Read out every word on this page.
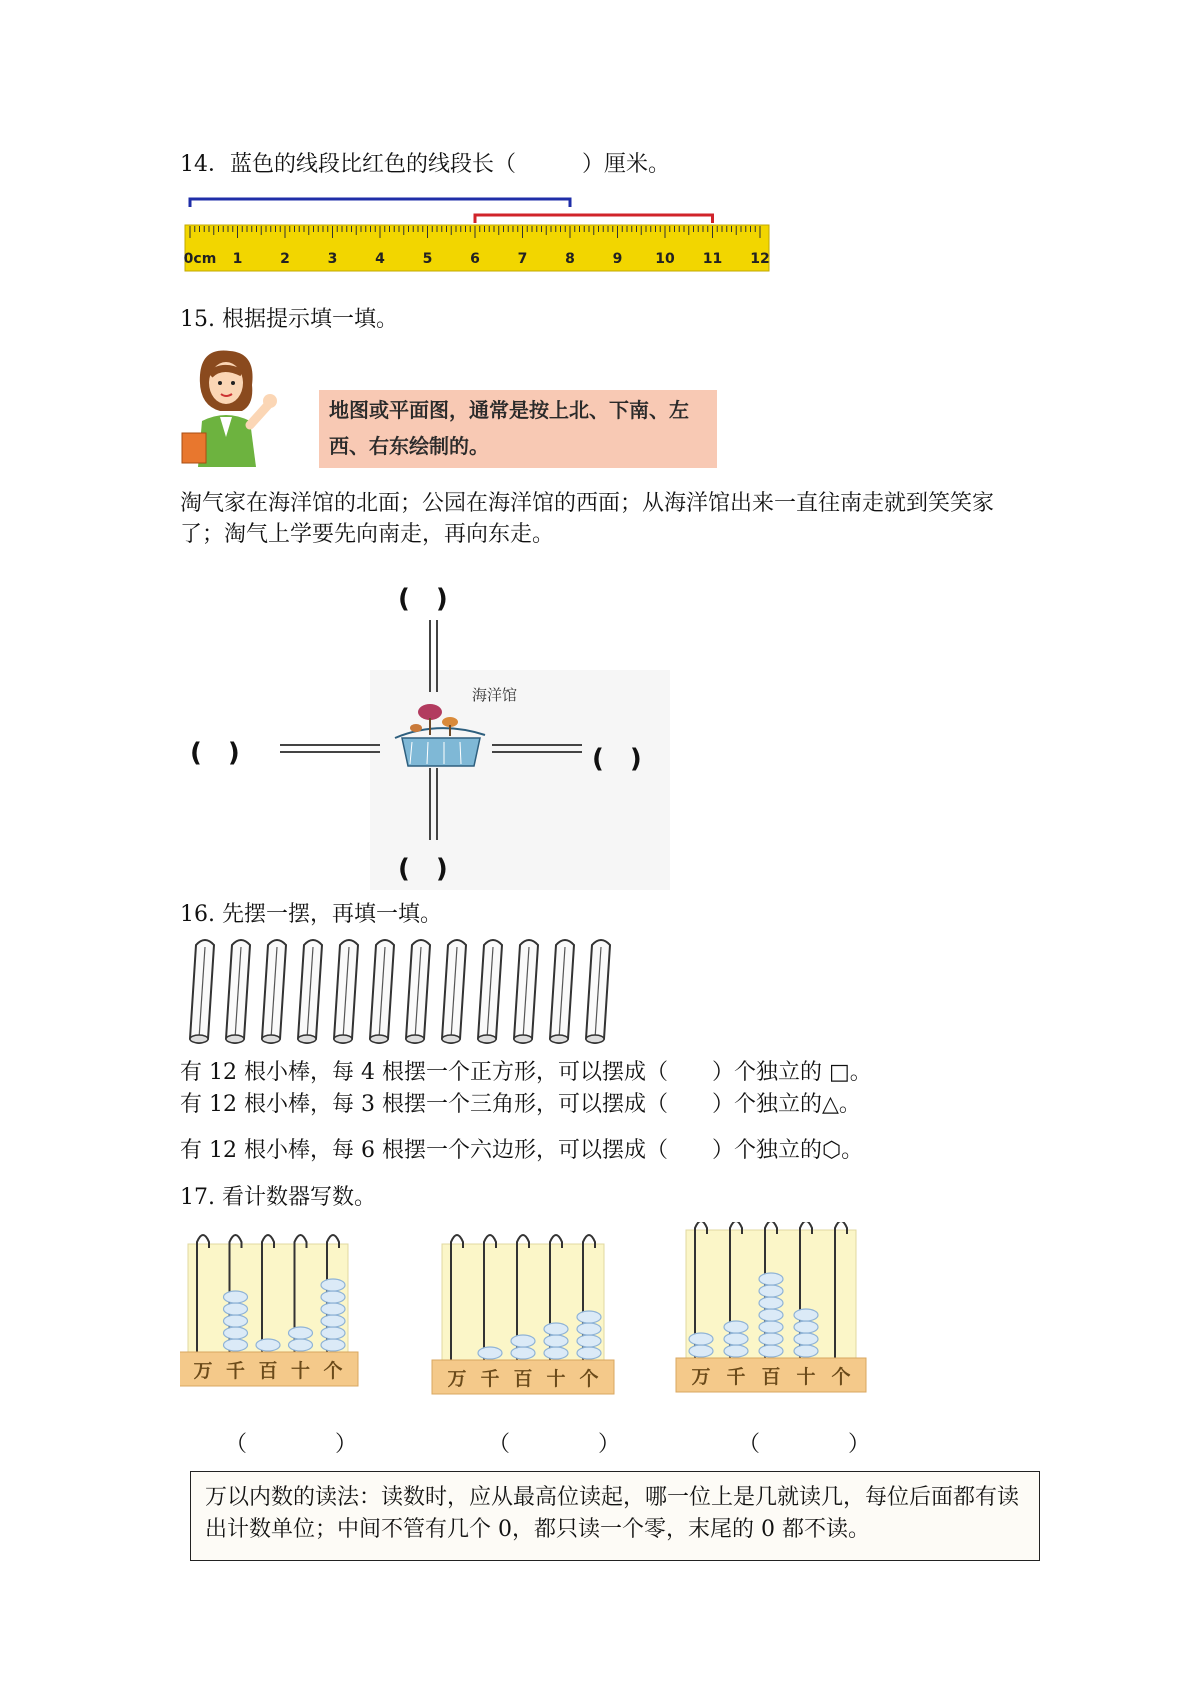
14．蓝色的线段比红色的线段长（　　　）厘米。
0cm 1	2	3	4	5	6	7	8	9 10 11 12
15. 根据提示填一填。
地图或平面图，通常是按上北、下南、左西、右东绘制的。
淘气家在海洋馆的北面；公园在海洋馆的西面；从海洋馆出来一直往南走就到笑笑家了；淘气上学要先向南走，再向东走。
海洋馆
(　)
(　)	(　)
(　)
16. 先摆一摆，再填一填。
有 12 根小棒，每 4 根摆一个正方形，可以摆成（　　）个独立的 □。
有 12 根小棒，每 3 根摆一个三角形，可以摆成（　　）个独立的△。
有 12 根小棒，每 6 根摆一个六边形，可以摆成（　　）个独立的⬡。
17. 看计数器写数。
万 千 百 十 个	万 千 百 十 个	万 千 百 十 个
（　　　　）	（　　　　）	（　　　　）
万以内数的读法：读数时，应从最高位读起，哪一位上是几就读几，每位后面都有读出计数单位；中间不管有几个 0，都只读一个零，末尾的 0 都不读。
